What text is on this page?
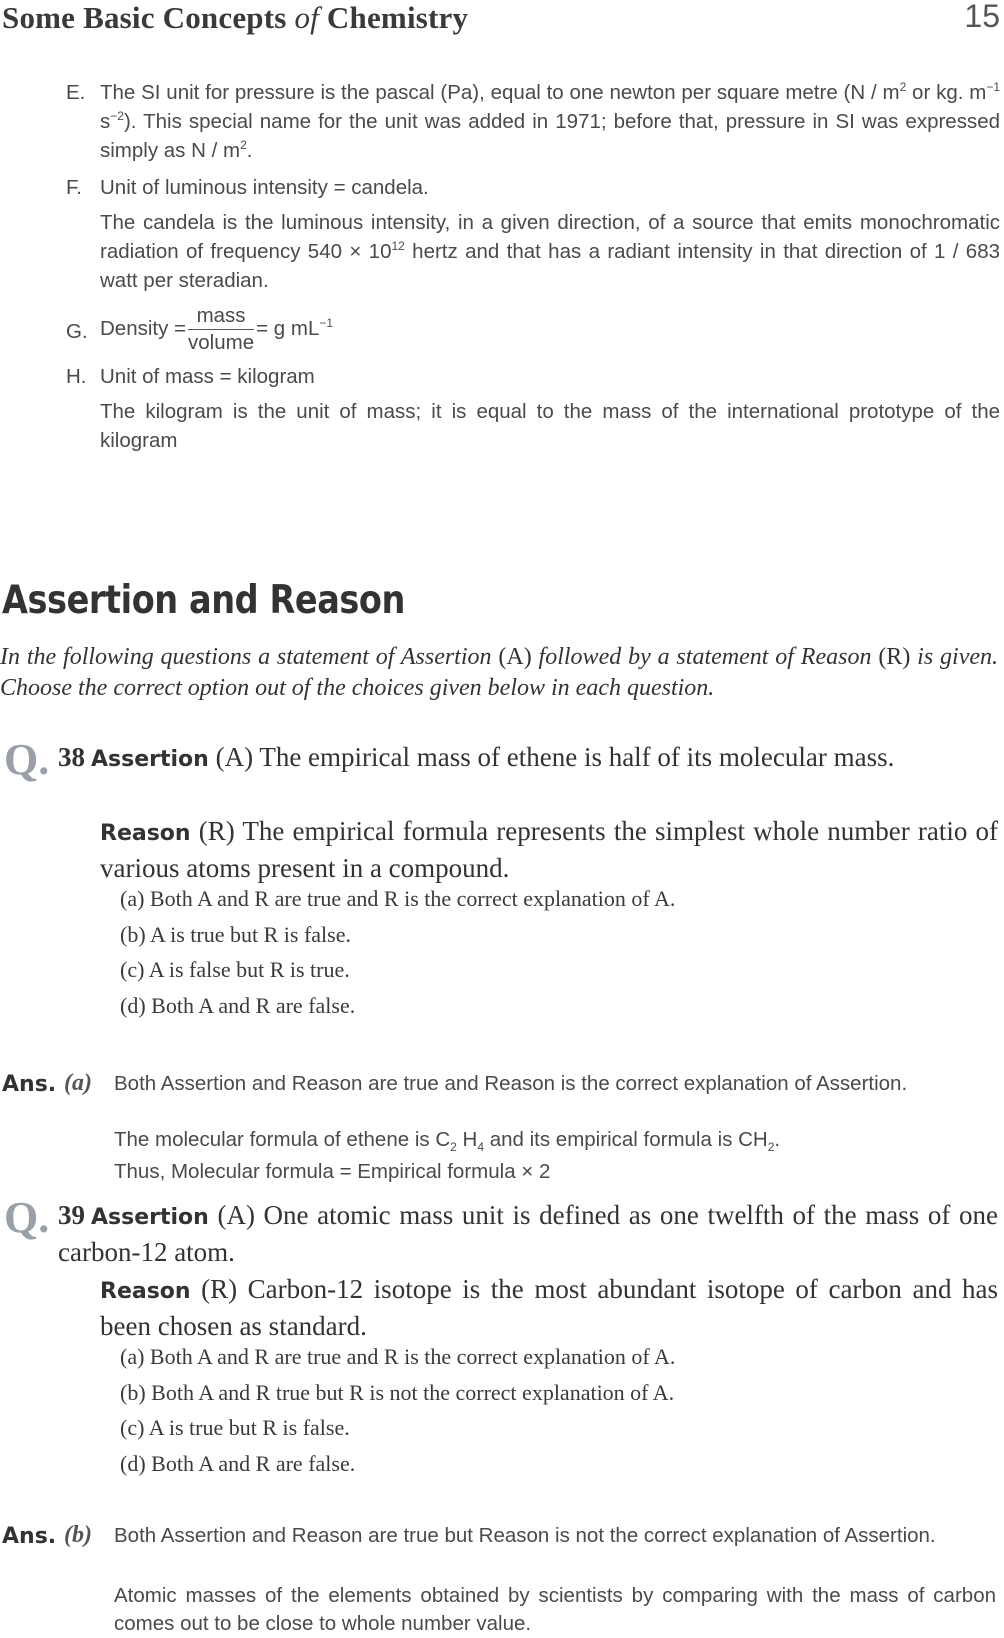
Some Basic Concepts of Chemistry	15
E. The SI unit for pressure is the pascal (Pa), equal to one newton per square metre ($N / m^2$ or kg. $m^{-1}$ $s^{-2}$). This special name for the unit was added in 1971; before that, pressure in SI was expressed simply as N / $m^2$.
F. Unit of luminous intensity = candela.
The candela is the luminous intensity, in a given direction, of a source that emits monochromatic radiation of frequency $540 \times 10^{12}$ hertz and that has a radiant intensity in that direction of 1 / 683 watt per steradian.
G. Density = $\frac{\text{mass}}{\text{volume}} = g$ $mL^{-1}$
H. Unit of mass = kilogram
The kilogram is the unit of mass; it is equal to the mass of the international prototype of the kilogram
Assertion and Reason
In the following questions a statement of Assertion (A) followed by a statement of Reason (R) is given. Choose the correct option out of the choices given below in each question.
Q. 38 Assertion (A) The empirical mass of ethene is half of its molecular mass.
Reason (R) The empirical formula represents the simplest whole number ratio of various atoms present in a compound.
(a) Both A and R are true and R is the correct explanation of A.
(b) A is true but R is false.
(c) A is false but R is true.
(d) Both A and R are false.
Ans. (a) Both Assertion and Reason are true and Reason is the correct explanation of Assertion.
The molecular formula of ethene is $C_2$ $H_4$ and its empirical formula is $CH_2$.
Thus, Molecular formula = Empirical formula × 2
Q. 39 Assertion (A) One atomic mass unit is defined as one twelfth of the mass of one carbon-12 atom.
Reason (R) Carbon-12 isotope is the most abundant isotope of carbon and has been chosen as standard.
(a) Both A and R are true and R is the correct explanation of A.
(b) Both A and R true but R is not the correct explanation of A.
(c) A is true but R is false.
(d) Both A and R are false.
Ans. (b) Both Assertion and Reason are true but Reason is not the correct explanation of Assertion.
Atomic masses of the elements obtained by scientists by comparing with the mass of carbon comes out to be close to whole number value.
